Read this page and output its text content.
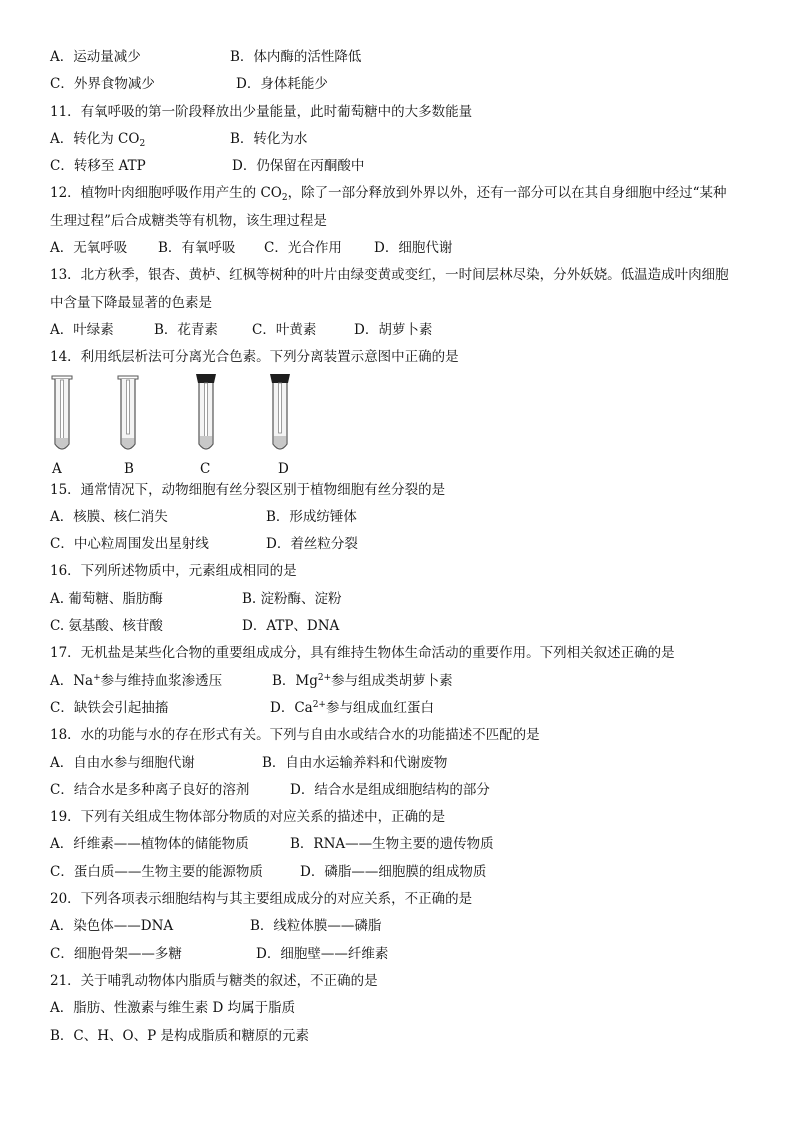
A．运动量减少	B．体内酶的活性降低
C．外界食物减少	D．身体耗能少
11．有氧呼吸的第一阶段释放出少量能量，此时葡萄糖中的大多数能量
A．转化为 $CO_2$	B．转化为水
C．转移至 ATP	D．仍保留在丙酮酸中
12．植物叶肉细胞呼吸作用产生的 $CO_2$，除了一部分释放到外界以外，还有一部分可以在其自身细胞中经过“某种
生理过程”后合成糖类等有机物，该生理过程是
A．无氧呼吸 B．有氧呼吸 C．光合作用 D．细胞代谢
13．北方秋季，银杏、黄栌、红枫等树种的叶片由绿变黄或变红，一时间层林尽染，分外妖娆。低温造成叶肉细胞
中含量下降最显著的色素是
A．叶绿素	B．花青素	C．叶黄素	D．胡萝卜素
14．利用纸层析法可分离光合色素。下列分离装置示意图中正确的是
A	B	C	D
15．通常情况下，动物细胞有丝分裂区别于植物细胞有丝分裂的是
A．核膜、核仁消失	B．形成纺锤体
C．中心粒周围发出星射线	D．着丝粒分裂
16．下列所述物质中，元素组成相同的是
A. 葡萄糖、脂肪酶	B. 淀粉酶、淀粉
C. 氨基酸、核苷酸	D．ATP、DNA
17．无机盐是某些化合物的重要组成成分，具有维持生物体生命活动的重要作用。下列相关叙述正确的是
A．Na+参与维持血浆渗透压	B．$Mg^{2+}$参与组成类胡萝卜素
C．缺铁会引起抽搐	D．$Ca^{2+}$参与组成血红蛋白
18．水的功能与水的存在形式有关。下列与自由水或结合水的功能描述不匹配的是
A．自由水参与细胞代谢	B．自由水运输养料和代谢废物
C．结合水是多种离子良好的溶剂	D．结合水是组成细胞结构的部分
19．下列有关组成生物体部分物质的对应关系的描述中，正确的是
A．纤维素——植物体的储能物质	B．RNA——生物主要的遗传物质
C．蛋白质——生物主要的能源物质	D．磷脂——细胞膜的组成物质
20．下列各项表示细胞结构与其主要组成成分的对应关系，不正确的是
A．染色体——DNA	B．线粒体膜——磷脂
C．细胞骨架——多糖	D．细胞壁——纤维素
21．关于哺乳动物体内脂质与糖类的叙述，不正确的是
A．脂肪、性激素与维生素 D 均属于脂质
B．C、H、O、P 是构成脂质和糖原的元素
